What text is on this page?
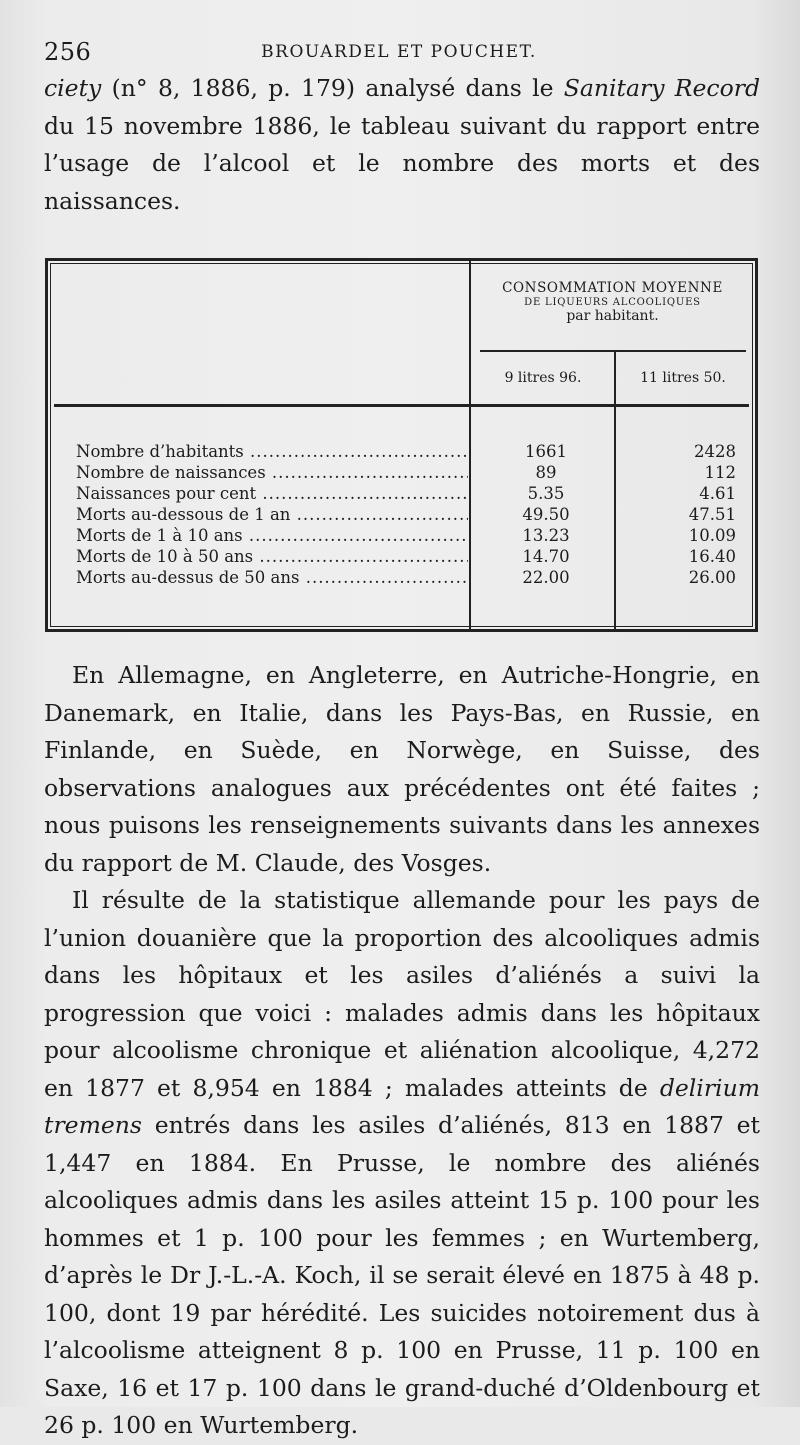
256	BROUARDEL ET POUCHET.

ciety (n° 8, 1886, p. 179) analysé dans le Sanitary Record du 15 novembre 1886, le tableau suivant du rapport entre l’usage de l’alcool et le nombre des morts et des naissances.

CONSOMMATION MOYENNE
DE LIQUEURS ALCOOLIQUES
par habitant.
9 litres 96.	11 litres 50.
Nombre d’habitants .....	1661	2428
Nombre de naissances .....	89	112
Naissances pour cent .....	5.35	4.61
Morts au-dessous de 1 an .....	49.50	47.51
Morts de 1 à 10 ans .....	13.23	10.09
Morts de 10 à 50 ans .....	14.70	16.40
Morts au-dessus de 50 ans .....	22.00	26.00

En Allemagne, en Angleterre, en Autriche-Hongrie, en Danemark, en Italie, dans les Pays-Bas, en Russie, en Finlande, en Suède, en Norwège, en Suisse, des observations analogues aux précédentes ont été faites ; nous puisons les renseignements suivants dans les annexes du rapport de M. Claude, des Vosges.

Il résulte de la statistique allemande pour les pays de l’union douanière que la proportion des alcooliques admis dans les hôpitaux et les asiles d’aliénés a suivi la progression que voici : malades admis dans les hôpitaux pour alcoolisme chronique et aliénation alcoolique, 4,272 en 1877 et 8,954 en 1884 ; malades atteints de delirium tremens entrés dans les asiles d’aliénés, 813 en 1887 et 1,447 en 1884. En Prusse, le nombre des aliénés alcooliques admis dans les asiles atteint 15 p. 100 pour les hommes et 1 p. 100 pour les femmes ; en Wurtemberg, d’après le Dr J.-L.-A. Koch, il se serait élevé en 1875 à 48 p. 100, dont 19 par hérédité. Les suicides notoirement dus à l’alcoolisme atteignent 8 p. 100 en Prusse, 11 p. 100 en Saxe, 16 et 17 p. 100 dans le grand-duché d’Oldenbourg et 26 p. 100 en Wurtemberg.
